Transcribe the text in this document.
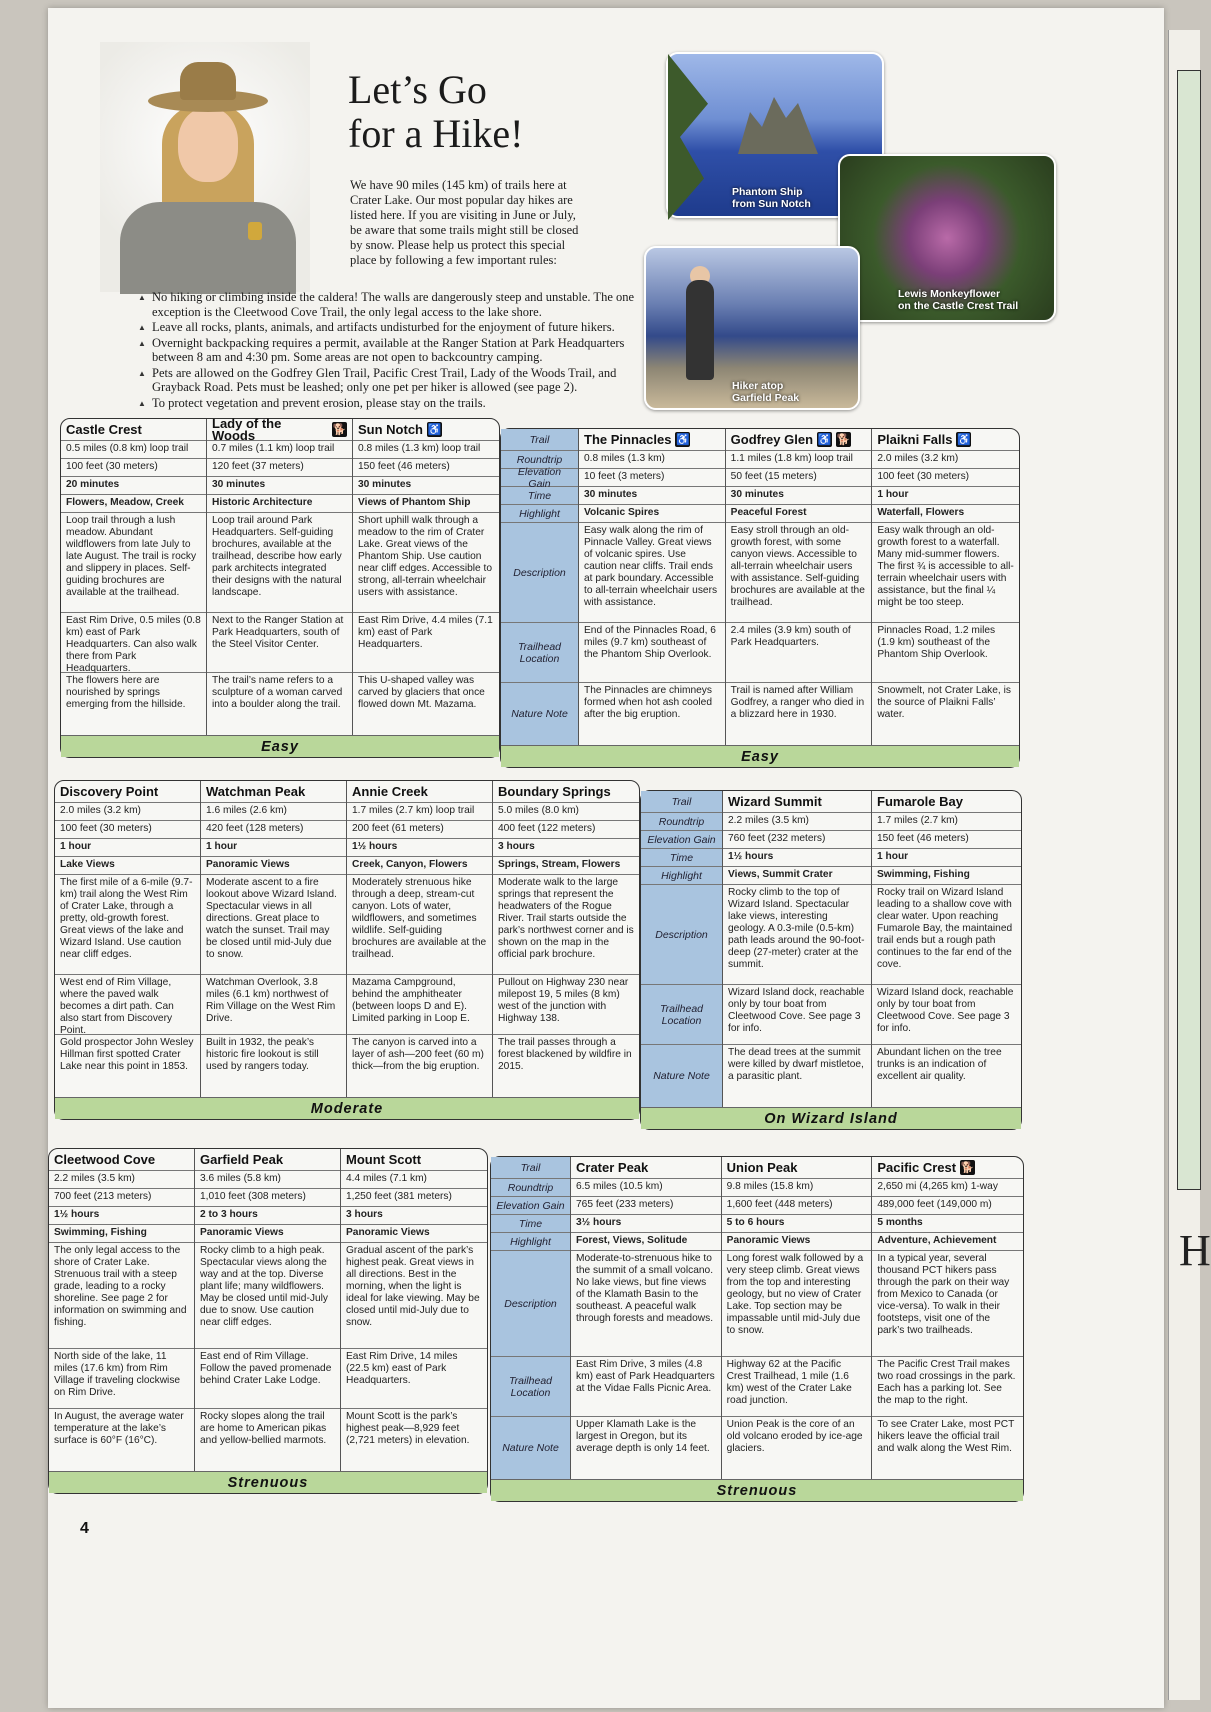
Let’s Go
for a Hike!

We have 90 miles (145 km) of trails here at Crater Lake. Our most popular day hikes are listed here. If you are visiting in June or July, be aware that some trails might still be closed by snow. Please help us protect this special place by following a few important rules:

▲ No hiking or climbing inside the caldera! The walls are dangerously steep and unstable. The one exception is the Cleetwood Cove Trail, the only legal access to the lake shore.
▲ Leave all rocks, plants, animals, and artifacts undisturbed for the enjoyment of future hikers.
▲ Overnight backpacking requires a permit, available at the Ranger Station at Park Headquarters between 8 am and 4:30 pm. Some areas are not open to backcountry camping.
▲ Pets are allowed on the Godfrey Glen Trail, Pacific Crest Trail, Lady of the Woods Trail, and Grayback Road. Pets must be leashed; only one pet per hiker is allowed (see page 2).
▲ To protect vegetation and prevent erosion, please stay on the trails.
Phantom Ship
from Sun Notch
Lewis Monkeyflower
on the Castle Crest Trail
Hiker atop
Garfield Peak
Castle Crest
0.5 miles (0.8 km) loop trail
100 feet (30 meters)
20 minutes
Flowers, Meadow, Creek
Loop trail through a lush meadow. Abundant wildflowers from late July to late August. The trail is rocky and slippery in places. Self-guiding brochures are available at the trailhead.
East Rim Drive, 0.5 miles (0.8 km) east of Park Headquarters. Can also walk there from Park Headquarters.
The flowers here are nourished by springs emerging from the hillside.
Lady of the Woods	🐕
0.7 miles (1.1 km) loop trail
120 feet (37 meters)
30 minutes
Historic Architecture
Loop trail around Park Headquarters. Self-guiding brochures, available at the trailhead, describe how early park architects integrated their designs with the natural landscape.
Next to the Ranger Station at Park Headquarters, south of the Steel Visitor Center.
The trail’s name refers to a sculpture of a woman carved into a boulder along the trail.
Sun Notch ♿
0.8 miles (1.3 km) loop trail
150 feet (46 meters)
30 minutes
Views of Phantom Ship
Short uphill walk through a meadow to the rim of Crater Lake. Great views of the Phantom Ship. Use caution near cliff edges. Accessible to strong, all-terrain wheelchair users with assistance.
East Rim Drive, 4.4 miles (7.1 km) east of Park Headquarters.
This U-shaped valley was carved by glaciers that once flowed down Mt. Mazama.
Easy
Trail
Roundtrip
Elevation Gain
Time
Highlight
Description
Trailhead Location
Nature Note
The Pinnacles ♿
0.8 miles (1.3 km)
10 feet (3 meters)
30 minutes
Volcanic Spires
Easy walk along the rim of Pinnacle Valley. Great views of volcanic spires. Use caution near cliffs. Trail ends at park boundary. Accessible to all-terrain wheelchair users with assistance.
End of the Pinnacles Road, 6 miles (9.7 km) southeast of the Phantom Ship Overlook.
The Pinnacles are chimneys formed when hot ash cooled after the big eruption.
Godfrey Glen ♿ 🐕
1.1 miles (1.8 km) loop trail
50 feet (15 meters)
30 minutes
Peaceful Forest
Easy stroll through an old-growth forest, with some canyon views. Accessible to all-terrain wheelchair users with assistance. Self-guiding brochures are available at the trailhead.
2.4 miles (3.9 km) south of Park Headquarters.
Trail is named after William Godfrey, a ranger who died in a blizzard here in 1930.
Plaikni Falls ♿
2.0 miles (3.2 km)
100 feet (30 meters)
1 hour
Waterfall, Flowers
Easy walk through an old-growth forest to a waterfall. Many mid-summer flowers. The first ¾ is accessible to all-terrain wheelchair users with assistance, but the final ¼ might be too steep.
Pinnacles Road, 1.2 miles (1.9 km) southeast of the Phantom Ship Overlook.
Snowmelt, not Crater Lake, is the source of Plaikni Falls’ water.
Easy
Discovery Point
2.0 miles (3.2 km)
100 feet (30 meters)
1 hour
Lake Views
The first mile of a 6-mile (9.7-km) trail along the West Rim of Crater Lake, through a pretty, old-growth forest. Great views of the lake and Wizard Island. Use caution near cliff edges.
West end of Rim Village, where the paved walk becomes a dirt path. Can also start from Discovery Point.
Gold prospector John Wesley Hillman first spotted Crater Lake near this point in 1853.
Watchman Peak
1.6 miles (2.6 km)
420 feet (128 meters)
1 hour
Panoramic Views
Moderate ascent to a fire lookout above Wizard Island. Spectacular views in all directions. Great place to watch the sunset. Trail may be closed until mid-July due to snow.
Watchman Overlook, 3.8 miles (6.1 km) northwest of Rim Village on the West Rim Drive.
Built in 1932, the peak’s historic fire lookout is still used by rangers today.
Annie Creek
1.7 miles (2.7 km) loop trail
200 feet (61 meters)
1½ hours
Creek, Canyon, Flowers
Moderately strenuous hike through a deep, stream-cut canyon. Lots of water, wildflowers, and sometimes wildlife. Self-guiding brochures are available at the trailhead.
Mazama Campground, behind the amphitheater (between loops D and E). Limited parking in Loop E.
The canyon is carved into a layer of ash—200 feet (60 m) thick—from the big eruption.
Boundary Springs
5.0 miles (8.0 km)
400 feet (122 meters)
3 hours
Springs, Stream, Flowers
Moderate walk to the large springs that represent the headwaters of the Rogue River. Trail starts outside the park’s northwest corner and is shown on the map in the official park brochure.
Pullout on Highway 230 near milepost 19, 5 miles (8 km) west of the junction with Highway 138.
The trail passes through a forest blackened by wildfire in 2015.
Moderate
Trail
Roundtrip
Elevation Gain
Time
Highlight
Description
Trailhead Location
Nature Note
Wizard Summit
2.2 miles (3.5 km)
760 feet (232 meters)
1½ hours
Views, Summit Crater
Rocky climb to the top of Wizard Island. Spectacular lake views, interesting geology. A 0.3-mile (0.5-km) path leads around the 90-foot-deep (27-meter) crater at the summit.
Wizard Island dock, reachable only by tour boat from Cleetwood Cove. See page 3 for info.
The dead trees at the summit were killed by dwarf mistletoe, a parasitic plant.
Fumarole Bay
1.7 miles (2.7 km)
150 feet (46 meters)
1 hour
Swimming, Fishing
Rocky trail on Wizard Island leading to a shallow cove with clear water. Upon reaching Fumarole Bay, the maintained trail ends but a rough path continues to the far end of the cove.
Wizard Island dock, reachable only by tour boat from Cleetwood Cove. See page 3 for info.
Abundant lichen on the tree trunks is an indication of excellent air quality.
On Wizard Island
Cleetwood Cove
2.2 miles (3.5 km)
700 feet (213 meters)
1½ hours
Swimming, Fishing
The only legal access to the shore of Crater Lake. Strenuous trail with a steep grade, leading to a rocky shoreline. See page 2 for information on swimming and fishing.
North side of the lake, 11 miles (17.6 km) from Rim Village if traveling clockwise on Rim Drive.
In August, the average water temperature at the lake’s surface is 60°F (16°C).
Garfield Peak
3.6 miles (5.8 km)
1,010 feet (308 meters)
2 to 3 hours
Panoramic Views
Rocky climb to a high peak. Spectacular views along the way and at the top. Diverse plant life; many wildflowers. May be closed until mid-July due to snow. Use caution near cliff edges.
East end of Rim Village. Follow the paved promenade behind Crater Lake Lodge.
Rocky slopes along the trail are home to American pikas and yellow-bellied marmots.
Mount Scott
4.4 miles (7.1 km)
1,250 feet (381 meters)
3 hours
Panoramic Views
Gradual ascent of the park’s highest peak. Great views in all directions. Best in the morning, when the light is ideal for lake viewing. May be closed until mid-July due to snow.
East Rim Drive, 14 miles (22.5 km) east of Park Headquarters.
Mount Scott is the park’s highest peak—8,929 feet (2,721 meters) in elevation.
Strenuous
Trail
Roundtrip
Elevation Gain
Time
Highlight
Description
Trailhead Location
Nature Note
Crater Peak
6.5 miles (10.5 km)
765 feet (233 meters)
3½ hours
Forest, Views, Solitude
Moderate-to-strenuous hike to the summit of a small volcano. No lake views, but fine views of the Klamath Basin to the southeast. A peaceful walk through forests and meadows.
East Rim Drive, 3 miles (4.8 km) east of Park Headquarters at the Vidae Falls Picnic Area.
Upper Klamath Lake is the largest in Oregon, but its average depth is only 14 feet.
Union Peak
9.8 miles (15.8 km)
1,600 feet (448 meters)
5 to 6 hours
Panoramic Views
Long forest walk followed by a very steep climb. Great views from the top and interesting geology, but no view of Crater Lake. Top section may be impassable until mid-July due to snow.
Highway 62 at the Pacific Crest Trailhead, 1 mile (1.6 km) west of the Crater Lake road junction.
Union Peak is the core of an old volcano eroded by ice-age glaciers.
Pacific Crest 🐕
2,650 mi (4,265 km) 1-way
489,000 feet (149,000 m)
5 months
Adventure, Achievement
In a typical year, several thousand PCT hikers pass through the park on their way from Mexico to Canada (or vice-versa). To walk in their footsteps, visit one of the park’s two trailheads.
The Pacific Crest Trail makes two road crossings in the park. Each has a parking lot. See the map to the right.
To see Crater Lake, most PCT hikers leave the official trail and walk along the West Rim.
Strenuous
4
H
